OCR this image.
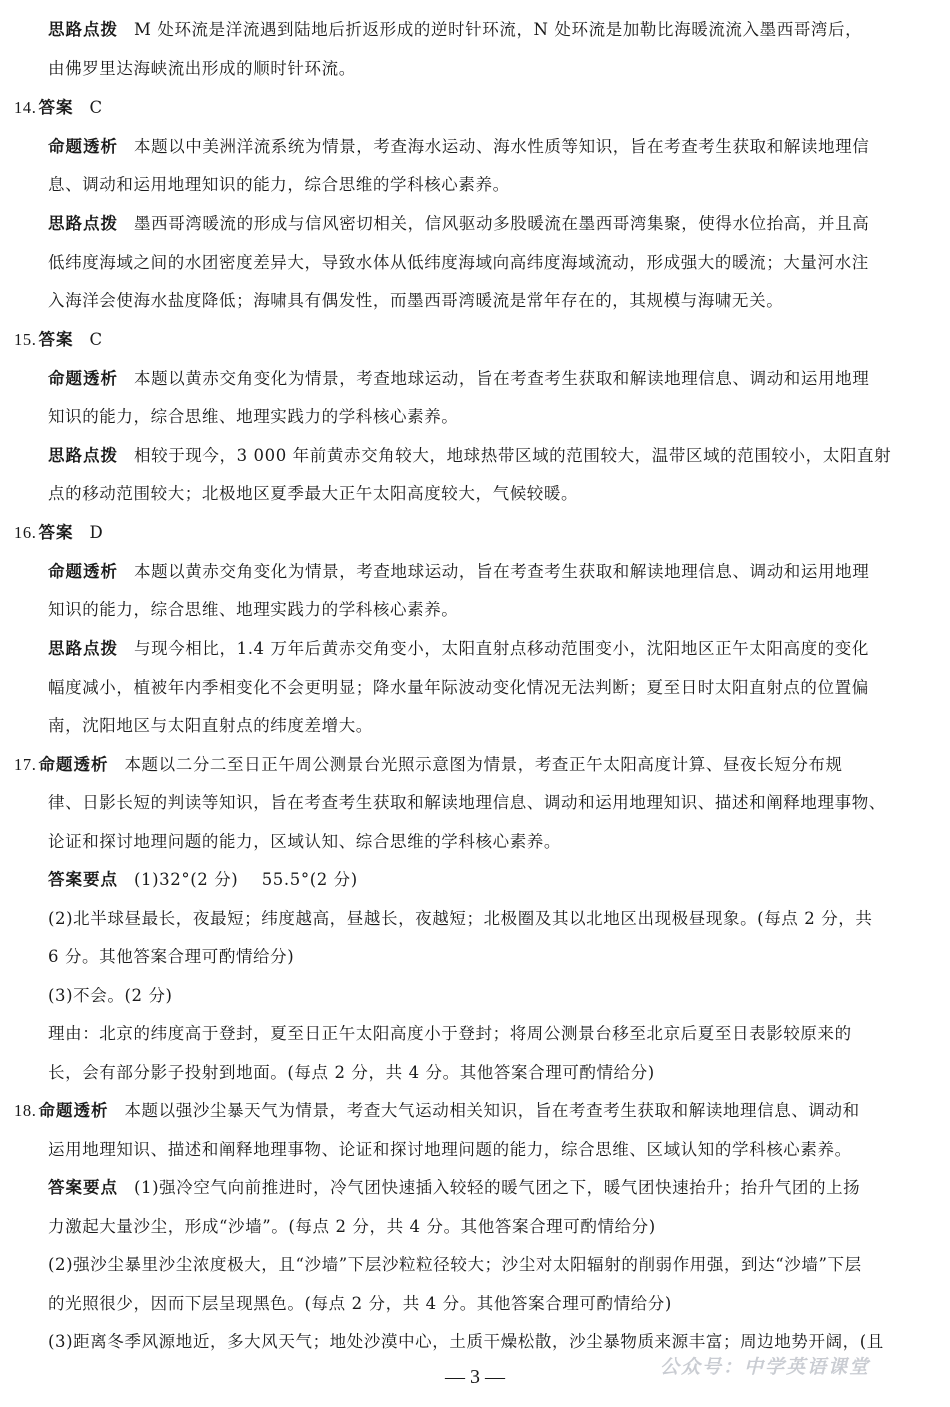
思路点拨 M 处环流是洋流遇到陆地后折返形成的逆时针环流，N 处环流是加勒比海暖流流入墨西哥湾后，
由佛罗里达海峡流出形成的顺时针环流。
14. 答案 C
命题透析 本题以中美洲洋流系统为情景，考查海水运动、海水性质等知识，旨在考查考生获取和解读地理信
息、调动和运用地理知识的能力，综合思维的学科核心素养。
思路点拨 墨西哥湾暖流的形成与信风密切相关，信风驱动多股暖流在墨西哥湾集聚，使得水位抬高，并且高
低纬度海域之间的水团密度差异大，导致水体从低纬度海域向高纬度海域流动，形成强大的暖流；大量河水注
入海洋会使海水盐度降低；海啸具有偶发性，而墨西哥湾暖流是常年存在的，其规模与海啸无关。
15. 答案 C
命题透析 本题以黄赤交角变化为情景，考查地球运动，旨在考查考生获取和解读地理信息、调动和运用地理
知识的能力，综合思维、地理实践力的学科核心素养。
思路点拨 相较于现今，3 000 年前黄赤交角较大，地球热带区域的范围较大，温带区域的范围较小，太阳直射
点的移动范围较大；北极地区夏季最大正午太阳高度较大，气候较暖。
16. 答案 D
命题透析 本题以黄赤交角变化为情景，考查地球运动，旨在考查考生获取和解读地理信息、调动和运用地理
知识的能力，综合思维、地理实践力的学科核心素养。
思路点拨 与现今相比，1.4 万年后黄赤交角变小，太阳直射点移动范围变小，沈阳地区正午太阳高度的变化
幅度减小，植被年内季相变化不会更明显；降水量年际波动变化情况无法判断；夏至日时太阳直射点的位置偏
南，沈阳地区与太阳直射点的纬度差增大。
17. 命题透析 本题以二分二至日正午周公测景台光照示意图为情景，考查正午太阳高度计算、昼夜长短分布规
律、日影长短的判读等知识，旨在考查考生获取和解读地理信息、调动和运用地理知识、描述和阐释地理事物、
论证和探讨地理问题的能力，区域认知、综合思维的学科核心素养。
答案要点 (1)32°(2 分)    55.5°(2 分)
(2)北半球昼最长，夜最短；纬度越高，昼越长，夜越短；北极圈及其以北地区出现极昼现象。(每点 2 分，共
6 分。其他答案合理可酌情给分)
(3)不会。(2 分)
理由：北京的纬度高于登封，夏至日正午太阳高度小于登封；将周公测景台移至北京后夏至日表影较原来的
长，会有部分影子投射到地面。(每点 2 分，共 4 分。其他答案合理可酌情给分)
18. 命题透析 本题以强沙尘暴天气为情景，考查大气运动相关知识，旨在考查考生获取和解读地理信息、调动和
运用地理知识、描述和阐释地理事物、论证和探讨地理问题的能力，综合思维、区域认知的学科核心素养。
答案要点 (1)强冷空气向前推进时，冷气团快速插入较轻的暖气团之下，暖气团快速抬升；抬升气团的上扬
力激起大量沙尘，形成“沙墙”。(每点 2 分，共 4 分。其他答案合理可酌情给分)
(2)强沙尘暴里沙尘浓度极大，且“沙墙”下层沙粒粒径较大；沙尘对太阳辐射的削弱作用强，到达“沙墙”下层
的光照很少，因而下层呈现黑色。(每点 2 分，共 4 分。其他答案合理可酌情给分)
(3)距离冬季风源地近，多大风天气；地处沙漠中心，土质干燥松散，沙尘暴物质来源丰富；周边地势开阔，(且
公众号：中学英语课堂
— 3 —
